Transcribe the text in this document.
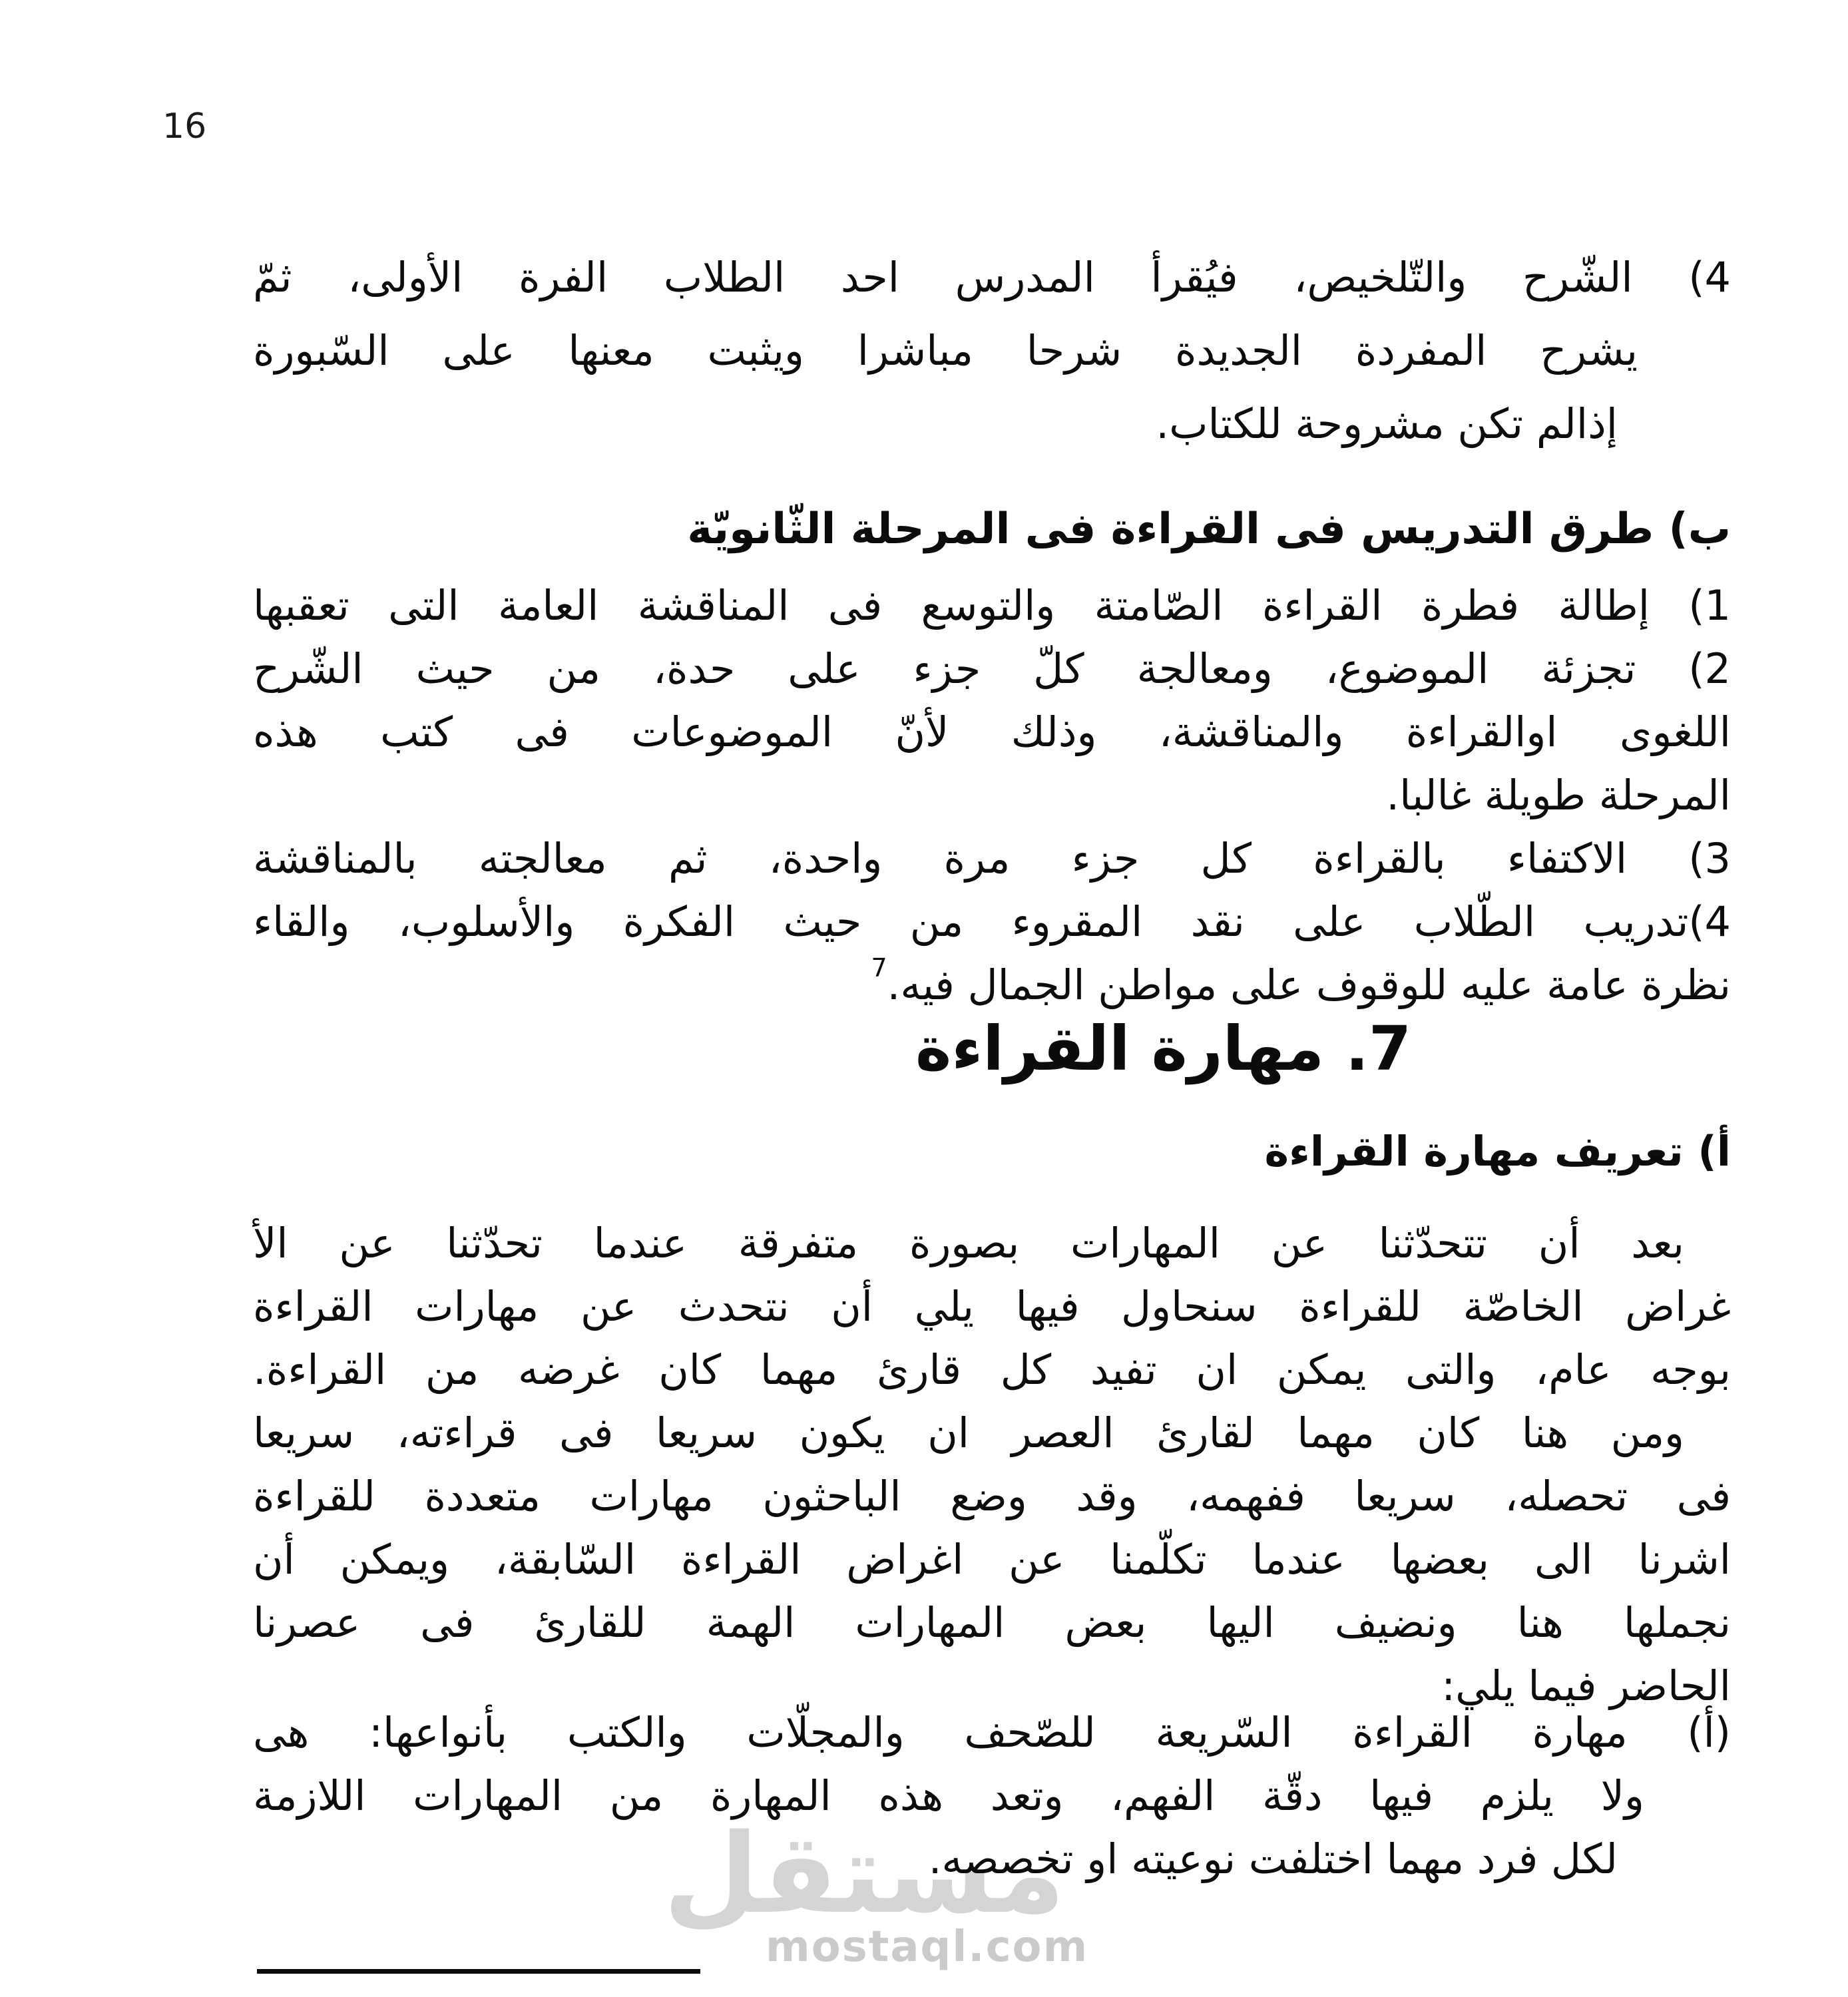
16
مستقل
mostaql.com
4) الشّرح والتّلخيص، فيُقرأ المدرس احد الطلاب الفرة الأولى، ثمّ
يشرح المفردة الجديدة شرحا مباشرا ويثبت معنها على السّبورة
إذالم تكن مشروحة للكتاب.
ب) طرق التدريس فى القراءة فى المرحلة الثّانويّة
1) إطالة فطرة القراءة الصّامتة والتوسع فى المناقشة العامة التى تعقبها
2) تجزئة الموضوع، ومعالجة كلّ جزء على حدة، من حيث الشّرح
اللغوى اوالقراءة والمناقشة، وذلك لأنّ الموضوعات فى كتب هذه
المرحلة طويلة غالبا.
3) الاكتفاء بالقراءة كل جزء مرة واحدة، ثم معالجته بالمناقشة
4)تدريب الطّلاب على نقد المقروء من حيث الفكرة والأسلوب، والقاء
نظرة عامة عليه للوقوف على مواطن الجمال فيه.$^7$
7. مهارة القراءة
أ) تعريف مهارة القراءة
بعد أن تتحدّثنا عن المهارات بصورة متفرقة عندما تحدّثنا عن الأ
غراض الخاصّة للقراءة سنحاول فيها يلي أن نتحدث عن مهارات القراءة
بوجه عام، والتى يمكن ان تفيد كل قارئ مهما كان غرضه من القراءة.
ومن هنا كان مهما لقارئ العصر ان يكون سريعا فى قراءته، سريعا
فى تحصله، سريعا ففهمه، وقد وضع الباحثون مهارات متعددة للقراءة
اشرنا الى بعضها عندما تكلّمنا عن اغراض القراءة السّابقة، ويمكن أن
نجملها هنا ونضيف اليها بعض المهارات الهمة للقارئ فى عصرنا
الحاضر فيما يلي:
(أ) مهارة القراءة السّريعة للصّحف والمجلّات والكتب بأنواعها: هى
ولا يلزم فيها دقّة الفهم، وتعد هذه المهارة من المهارات اللازمة
لكل فرد مهما اختلفت نوعيته او تخصصه.
